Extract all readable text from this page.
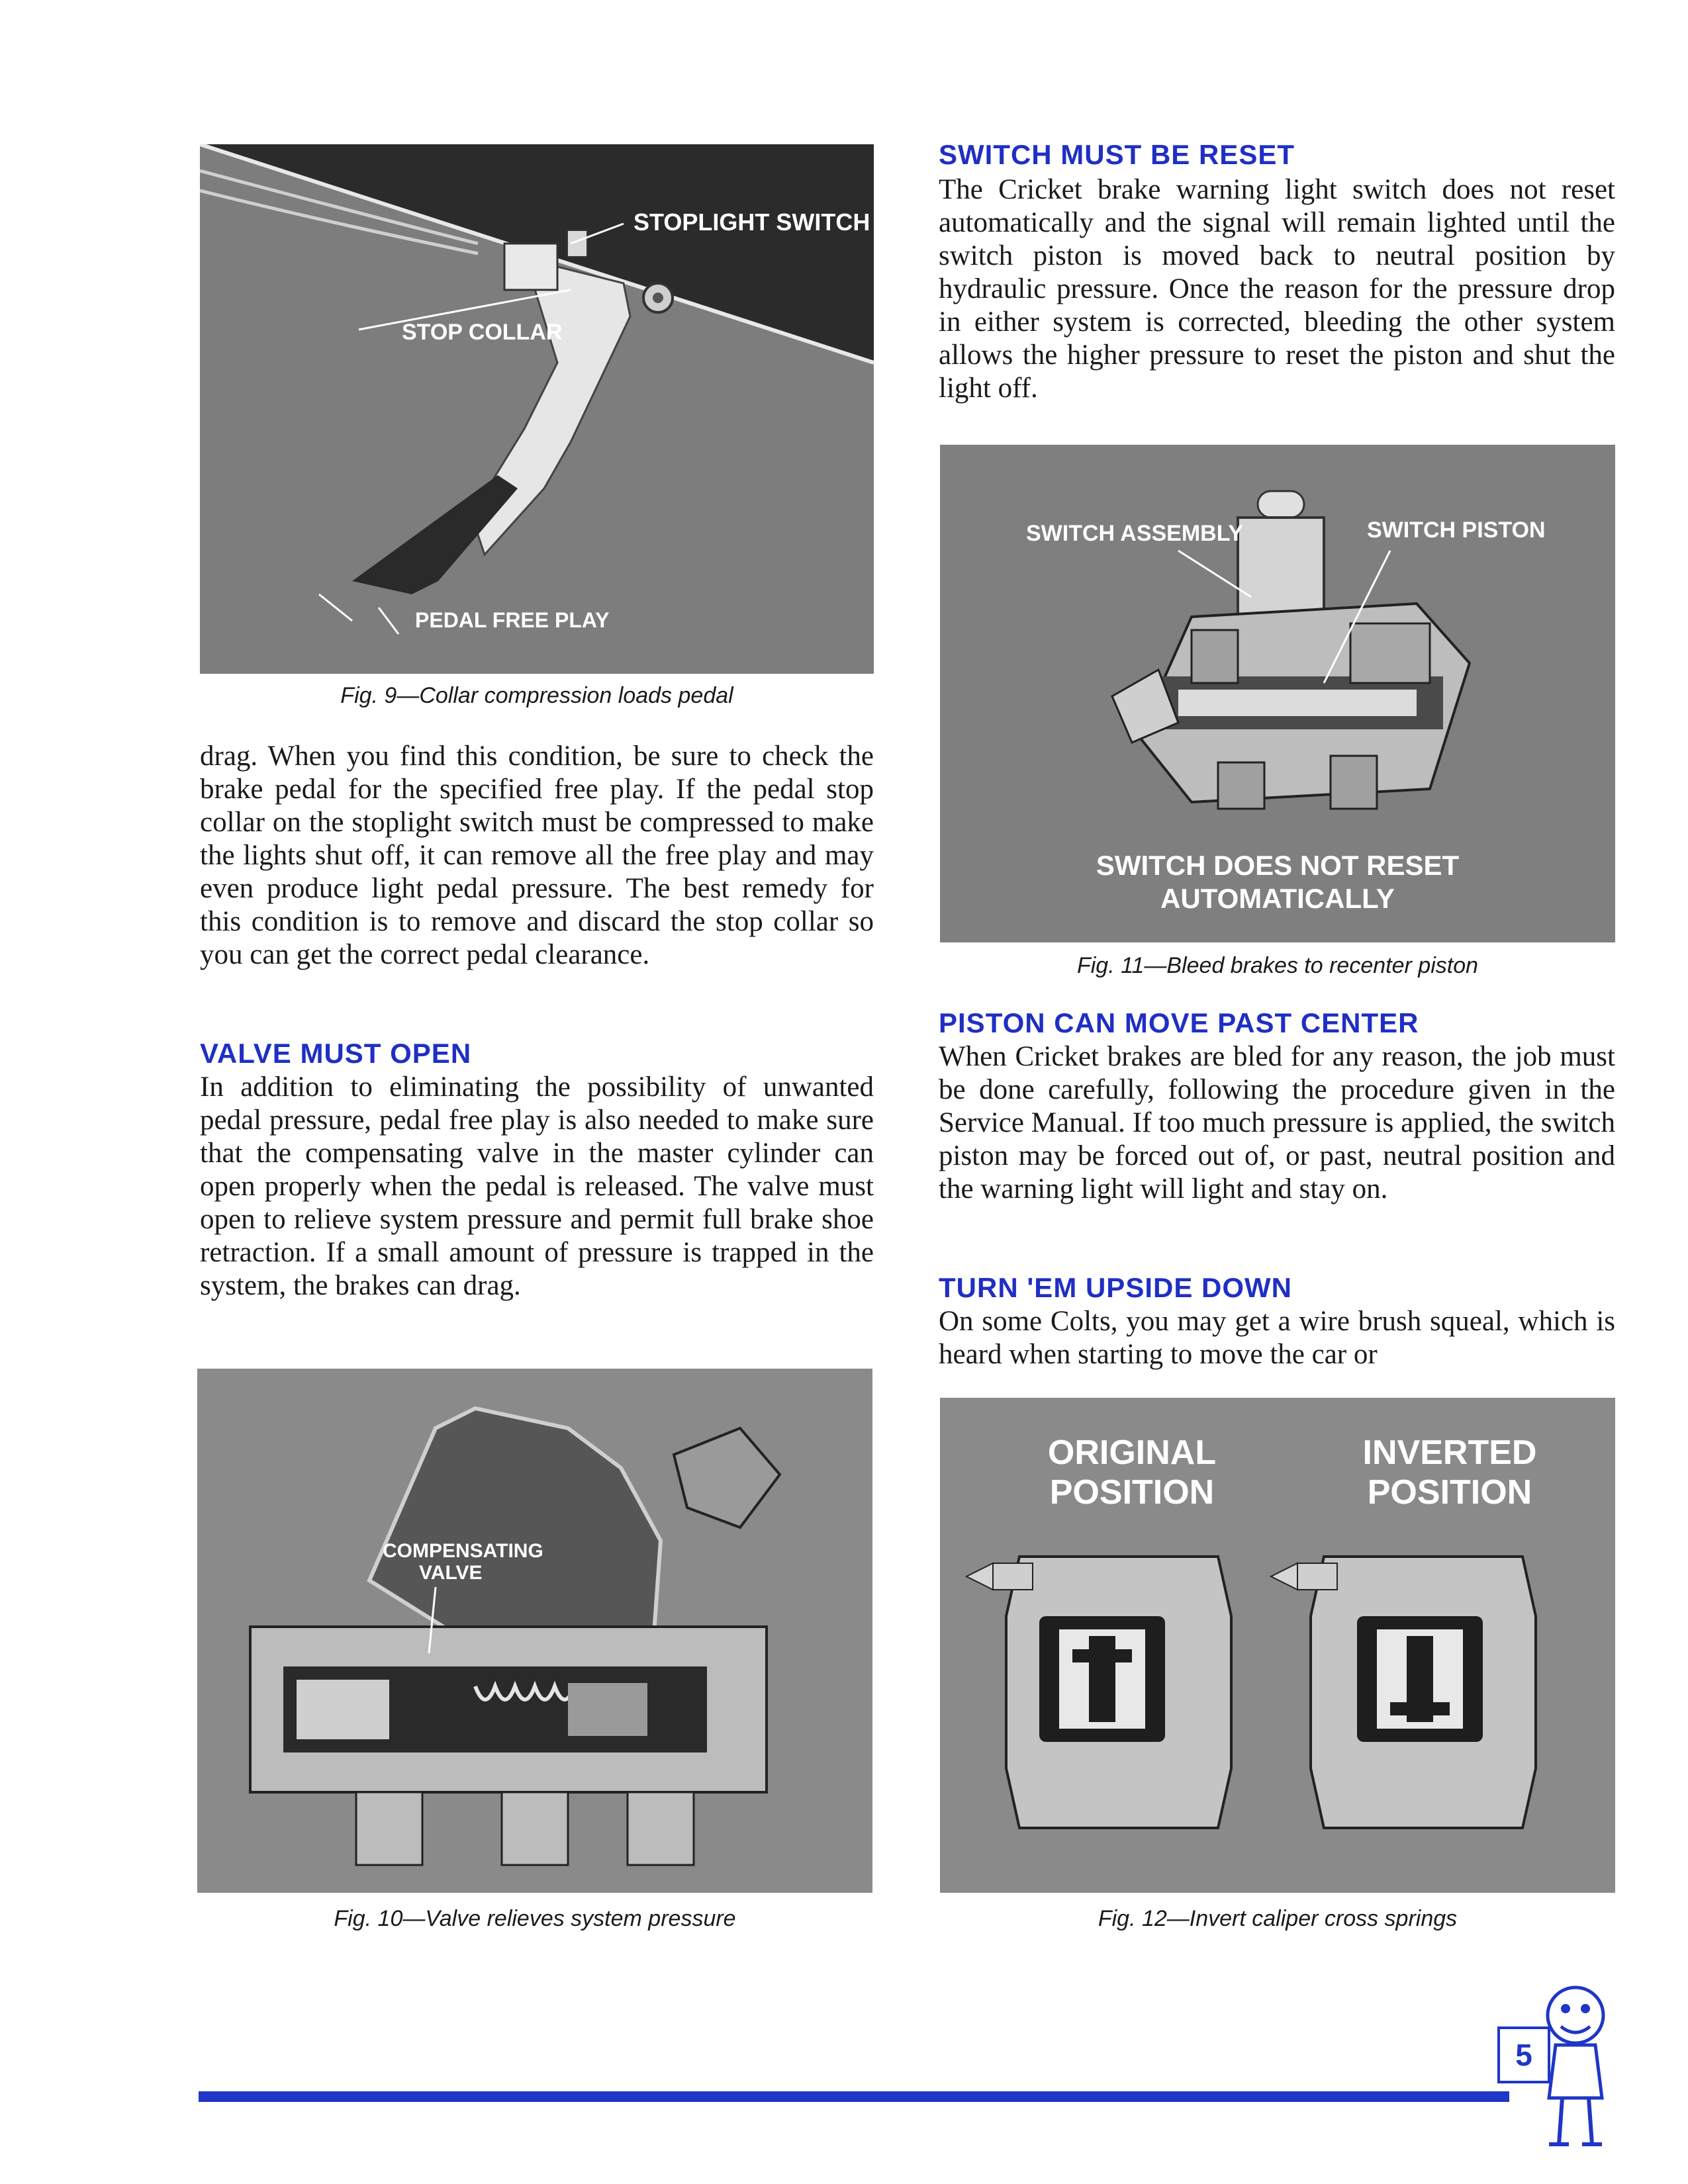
STOPLIGHT SWITCH
STOP COLLAR
PEDAL FREE PLAY
Fig. 9—Collar compression loads pedal

drag. When you find this condition, be sure to check the brake pedal for the specified free play. If the pedal stop collar on the stoplight switch must be compressed to make the lights shut off, it can remove all the free play and may even produce light pedal pressure. The best remedy for this condition is to remove and discard the stop collar so you can get the correct pedal clearance.

VALVE MUST OPEN

In addition to eliminating the possibility of unwanted pedal pressure, pedal free play is also needed to make sure that the compensating valve in the master cylinder can open properly when the pedal is released. The valve must open to relieve system pressure and permit full brake shoe retraction. If a small amount of pressure is trapped in the system, the brakes can drag.

COMPENSATING
VALVE
Fig. 10—Valve relieves system pressure
SWITCH MUST BE RESET

The Cricket brake warning light switch does not reset automatically and the signal will remain lighted until the switch piston is moved back to neutral position by hydraulic pressure. Once the reason for the pressure drop in either system is corrected, bleeding the other system allows the higher pressure to reset the piston and shut the light off.

SWITCH ASSEMBLY	SWITCH PISTON
SWITCH DOES NOT RESET
AUTOMATICALLY
Fig. 11—Bleed brakes to recenter piston
PISTON CAN MOVE PAST CENTER

When Cricket brakes are bled for any reason, the job must be done carefully, following the procedure given in the Service Manual. If too much pressure is applied, the switch piston may be forced out of, or past, neutral position and the warning light will light and stay on.

TURN 'EM UPSIDE DOWN

On some Colts, you may get a wire brush squeal, which is heard when starting to move the car or

ORIGINAL
POSITION
INVERTED
POSITION
Fig. 12—Invert caliper cross springs
5
